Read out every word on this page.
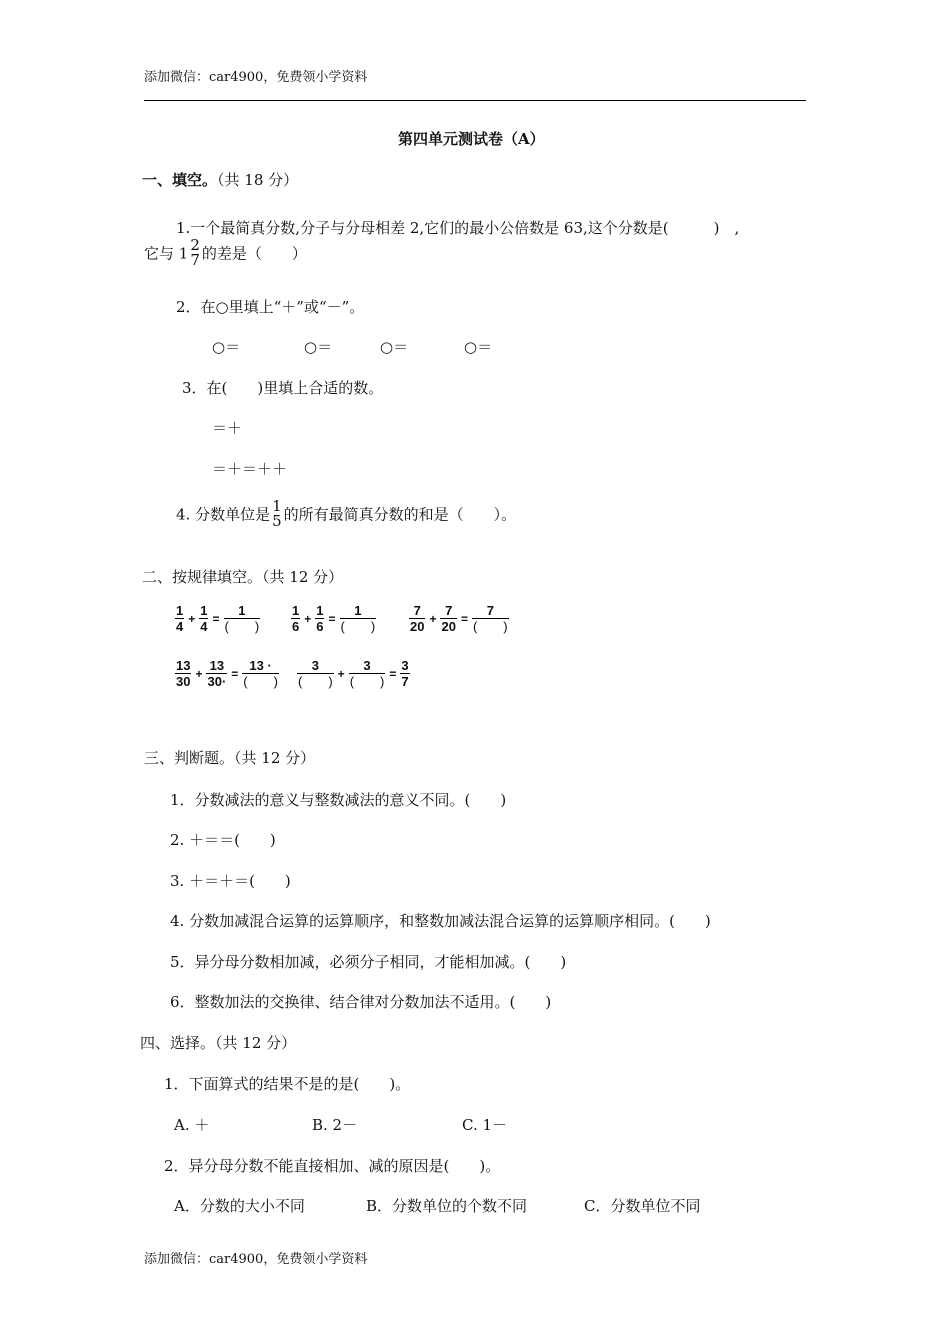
添加微信：car4900，免费领小学资料
第四单元测试卷（A）
一、填空。（共 18 分）
1.一个最简真分数,分子与分母相差 2,它们的最小公倍数是 63,这个分数是(　　　)　,
它与 1 2
7 的差是（　　）
2．在○里填上“＋”或“－”。
○＝	○＝	○＝	○＝
3．在(　　)里填上合适的数。
＝＋
＝＋＝＋＋
4. 分数单位是 1
5 的所有最简真分数的和是（　　）。
二、按规律填空。（共 12 分）
$\frac{1}{4} + \frac{1}{4} = \frac{1}{( )} \frac{1}{6} + \frac{1}{6} = \frac{1}{( )}$	$\frac{7}{20} + \frac{7}{20} = \frac{7}{( )}$
$\frac{13}{30} + \frac{13}{30\cdot} = \frac{13 \cdot}{( )} \frac{3}{( )} + \frac{3}{( )} = \frac{3}{7}$
三、判断题。（共 12 分）
1．分数减法的意义与整数减法的意义不同。(　　)
2. ＋＝＝(　　)
3. ＋＝＋＝(　　)
4. 分数加减混合运算的运算顺序，和整数加减法混合运算的运算顺序相同。(　　)
5．异分母分数相加减，必须分子相同，才能相加减。(　　)
6．整数加法的交换律、结合律对分数加法不适用。(　　)
四、选择。（共 12 分）
1．下面算式的结果不是的是(　　)。
A. ＋	B. 2－	C. 1－
2．异分母分数不能直接相加、减的原因是(　　)。
A．分数的大小不同	B．分数单位的个数不同	C．分数单位不同
添加微信：car4900，免费领小学资料
